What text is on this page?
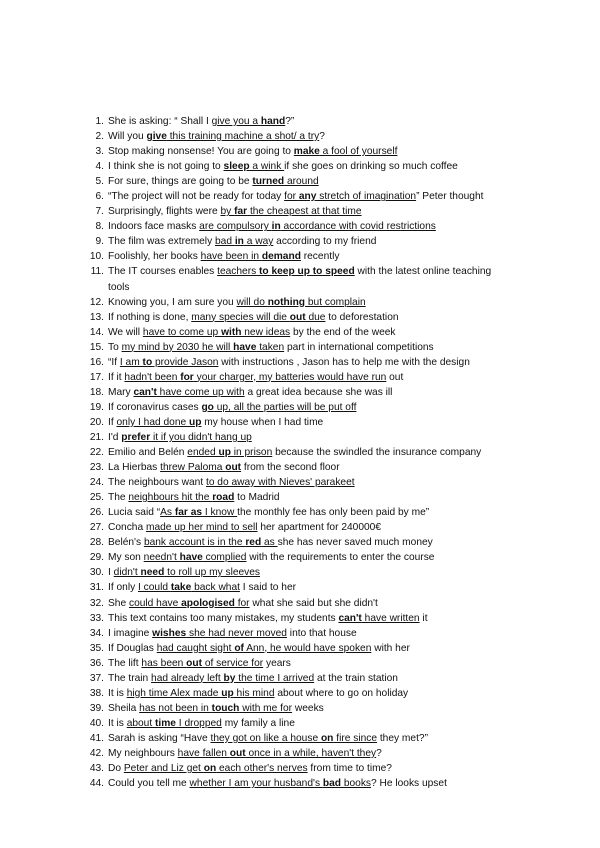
1. She is asking: “ Shall I give you a hand?”
2. Will you give this training machine a shot/ a try?
3. Stop making nonsense! You are going to make a fool of yourself
4. I think she is not going to sleep a wink if she goes on drinking so much coffee
5. For sure, things are going to be turned around
6. “The project will not be ready for today for any stretch of imagination” Peter thought
7. Surprisingly, flights were by far the cheapest at that time
8. Indoors face masks are compulsory in accordance with covid restrictions
9. The film was extremely bad in a way according to my friend
10. Foolishly, her books have been in demand recently
11. The IT courses enables teachers to keep up to speed with the latest online teaching tools
12. Knowing you, I am sure you will do nothing but complain
13. If nothing is done, many species will die out due to deforestation
14. We will have to come up with new ideas by the end of the week
15. To my mind by 2030 he will have taken part in international competitions
16. “If I am to provide Jason with instructions , Jason has to help me with the design
17. If it hadn't been for your charger, my batteries would have run out
18. Mary can't have come up with a great idea because she was ill
19. If coronavirus cases go up, all the parties will be put off
20. If only I had done up my house when I had time
21. I'd prefer it if you didn't hang up
22. Emilio and Belén ended up in prison because the swindled the insurance company
23. La Hierbas threw Paloma out from the second floor
24. The neighbours want to do away with Nieves' parakeet
25. The neighbours hit the road to Madrid
26. Lucia said “As far as I know the monthly fee has only been paid by me”
27. Concha made up her mind to sell her apartment for 240000€
28. Belén's bank account is in the red as she has never saved much money
29. My son needn't have complied with the requirements to enter the course
30. I didn't need to roll up my sleeves
31. If only I could take back what I said to her
32. She could have apologised for what she said but she didn't
33. This text contains too many mistakes, my students can't have written it
34. I imagine wishes she had never moved into that house
35. If Douglas had caught sight of Ann, he would have spoken with her
36. The lift has been out of service for years
37. The train had already left by the time I arrived at the train station
38. It is high time Alex made up his mind about where to go on holiday
39. Sheila has not been in touch with me for weeks
40. It is about time I dropped my family a line
41. Sarah is asking “Have they got on like a house on fire since they met?”
42. My neighbours have fallen out once in a while, haven't they?
43. Do Peter and Liz get on each other's nerves from time to time?
44. Could you tell me whether I am your husband's bad books? He looks upset
